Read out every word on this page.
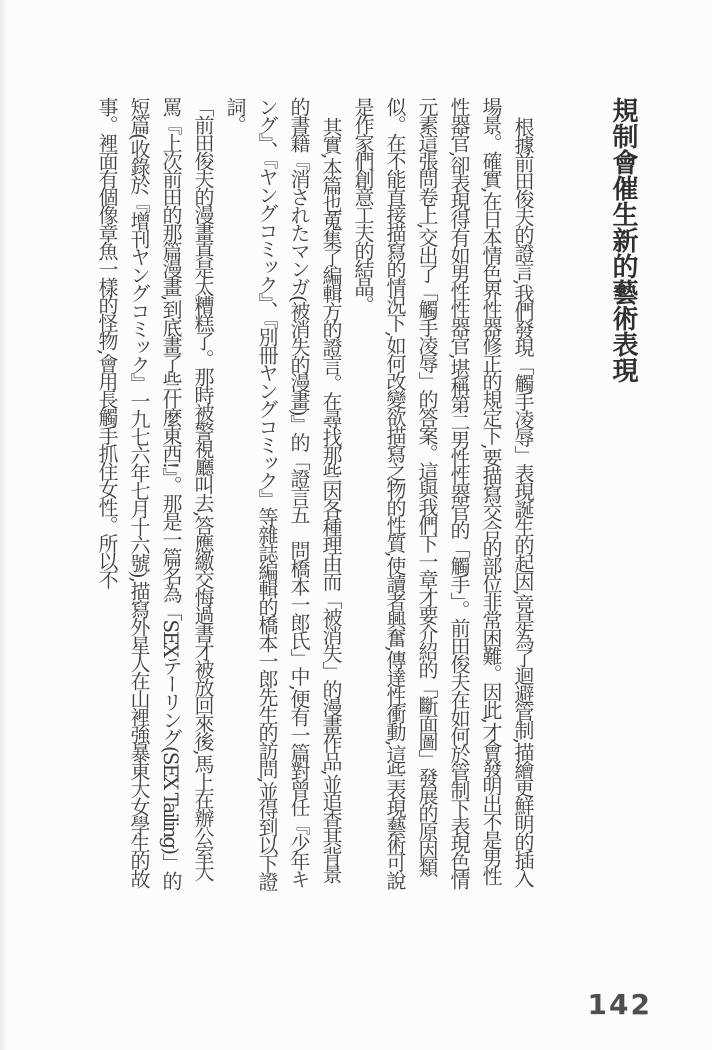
規制會催生新的藝術表現

根據前田俊夫的證言,我們發現「觸手凌辱」表現誕生的起因,竟是為了迴避管制,描繪更鮮明的插入場景。確實,在日本情色界性器修正的規定下,要描寫交合的部位非常困難。因此,才會發明出不是男性性器官,卻表現得有如男性性器官,堪稱第二男性性器官的「觸手」。前田俊夫在如何於管制下表現色情元素這張問卷上,交出了「觸手凌辱」的答案。這與我們下一章才要介紹的「斷面圖」發展的原因類似。在不能直接描寫的情況下,如何改變欲描寫之物的性質,使讀者興奮,傳達性衝動,這些表現藝術可說是作家們創意工夫的結晶。

其實,本篇也蒐集了編輯方的證言。在尋找那些因各種理由而「被消失」的漫畫作品,並追查其背景的書籍『消されたマンガ(被消失的漫畫)』的「證言五　問橋本一郎氏」中,便有一篇對曾任『少年キング』、『ヤングコミック』、『別冊ヤングコミック』等雜誌編輯的橋本一郎先生的訪問,並得到以下證詞。

「前田俊夫的漫畫真是太糟糕了。那時被警視廳叫去,答應繳交悔過書才被放回來後,馬上在辦公室大罵『上次前田的那篇漫畫,到底畫了些什麼東西!』。那是一篇名為「SEXテーリング(SEX Tailing)」的短篇(收錄於『增刊ヤングコミック』一九七六年七月十六號),描寫外星人在山裡強暴東大女學生的故事。裡面有個像章魚一樣的怪物,會用長觸手抓住女性。所以不

142
